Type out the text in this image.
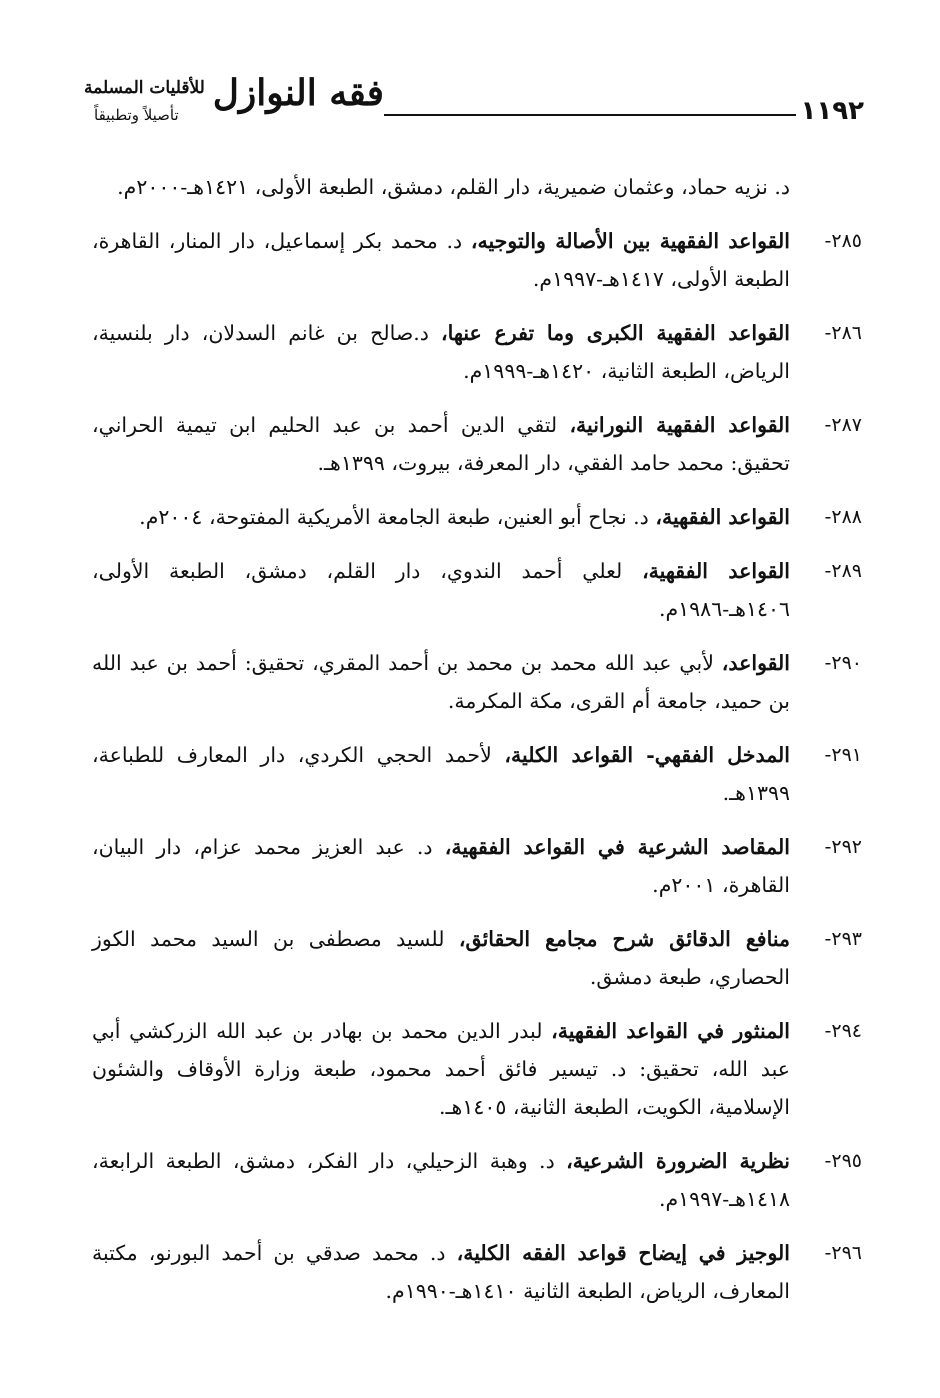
١١٩٢
فقه النوازل
للأقليات المسلمة
تأصيلاً وتطبيقاً
د. نزيه حماد، وعثمان ضميرية، دار القلم، دمشق، الطبعة الأولى، ١٤٢١هـ-٢٠٠٠م.
٢٨٥-
القواعد الفقهية بين الأصالة والتوجيه، د. محمد بكر إسماعيل، دار المنار، القاهرة، الطبعة الأولى، ١٤١٧هـ-١٩٩٧م.
٢٨٦-
القواعد الفقهية الكبرى وما تفرع عنها، د.صالح بن غانم السدلان، دار بلنسية، الرياض، الطبعة الثانية، ١٤٢٠هـ-١٩٩٩م.
٢٨٧-
القواعد الفقهية النورانية، لتقي الدين أحمد بن عبد الحليم ابن تيمية الحراني، تحقيق: محمد حامد الفقي، دار المعرفة، بيروت، ١٣٩٩هـ.
٢٨٨-
القواعد الفقهية، د. نجاح أبو العنين، طبعة الجامعة الأمريكية المفتوحة، ٢٠٠٤م.
٢٨٩-
القواعد الفقهية، لعلي أحمد الندوي، دار القلم، دمشق، الطبعة الأولى، ١٤٠٦هـ-١٩٨٦م.
٢٩٠-
القواعد، لأبي عبد الله محمد بن محمد بن أحمد المقري، تحقيق: أحمد بن عبد الله بن حميد، جامعة أم القرى، مكة المكرمة.
٢٩١-
المدخل الفقهي- القواعد الكلية، لأحمد الحجي الكردي، دار المعارف للطباعة، ١٣٩٩هـ.
٢٩٢-
المقاصد الشرعية في القواعد الفقهية، د. عبد العزيز محمد عزام، دار البيان، القاهرة، ٢٠٠١م.
٢٩٣-
منافع الدقائق شرح مجامع الحقائق، للسيد مصطفى بن السيد محمد الكوز الحصاري، طبعة دمشق.
٢٩٤-
المنثور في القواعد الفقهية، لبدر الدين محمد بن بهادر بن عبد الله الزركشي أبي عبد الله، تحقيق: د. تيسير فائق أحمد محمود، طبعة وزارة الأوقاف والشئون الإسلامية، الكويت، الطبعة الثانية، ١٤٠٥هـ.
٢٩٥-
نظرية الضرورة الشرعية، د. وهبة الزحيلي، دار الفكر، دمشق، الطبعة الرابعة، ١٤١٨هـ-١٩٩٧م.
٢٩٦-
الوجيز في إيضاح قواعد الفقه الكلية، د. محمد صدقي بن أحمد البورنو، مكتبة المعارف، الرياض، الطبعة الثانية ١٤١٠هـ-١٩٩٠م.
